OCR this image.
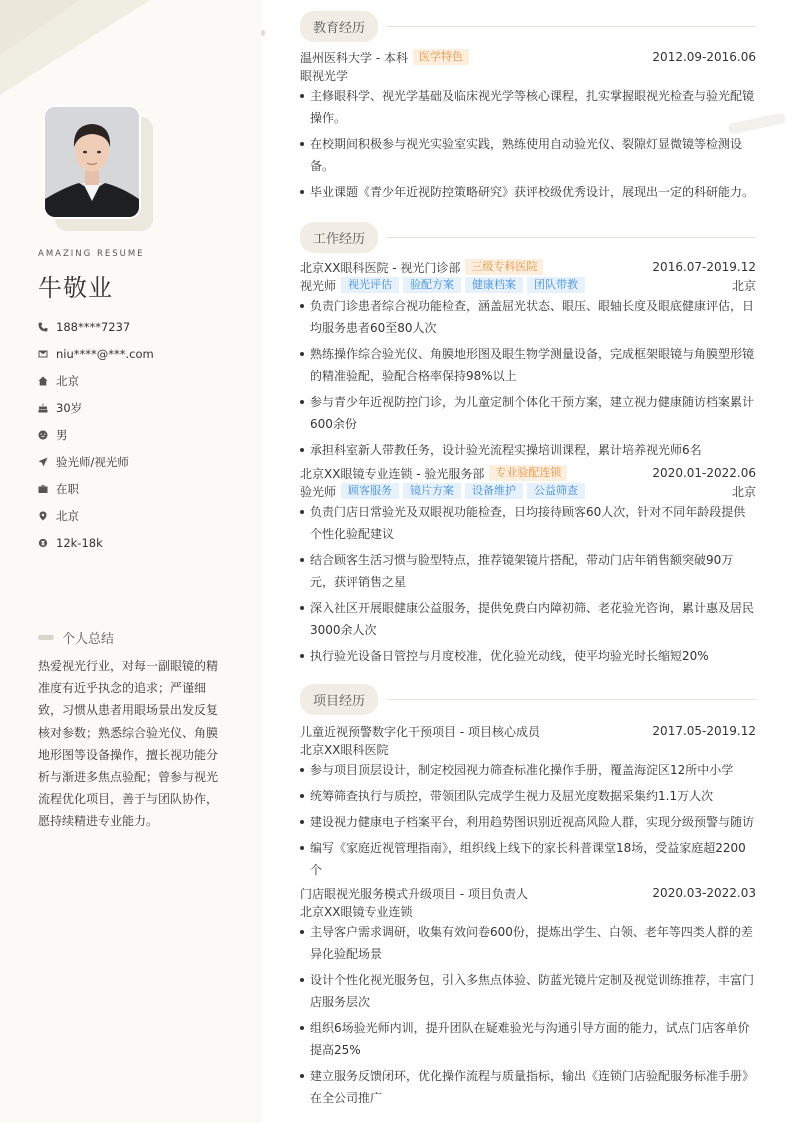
AMAZING RESUME
牛敬业
188****7237
niu****@***.com
北京
30岁
男
验光师/视光师
在职
北京
12k-18k
个人总结
热爱视光行业，对每一副眼镜的精准度有近乎执念的追求；严谨细致，习惯从患者用眼场景出发反复核对参数；熟悉综合验光仪、角膜地形图等设备操作，擅长视功能分析与渐进多焦点验配；曾参与视光流程优化项目，善于与团队协作，愿持续精进专业能力。
教育经历
温州医科大学 - 本科	医学特色	2012.09-2016.06
眼视光学
主修眼科学、视光学基础及临床视光学等核心课程，扎实掌握眼视光检查与验光配镜操作。
在校期间积极参与视光实验室实践，熟练使用自动验光仪、裂隙灯显微镜等检测设备。
毕业课题《青少年近视防控策略研究》获评校级优秀设计，展现出一定的科研能力。
工作经历
北京XX眼科医院 - 视光门诊部	三级专科医院	2016.07-2019.12
视光师	视光评估	验配方案	健康档案	团队带教	北京
负责门诊患者综合视功能检查，涵盖屈光状态、眼压、眼轴长度及眼底健康评估，日均服务患者60至80人次
熟练操作综合验光仪、角膜地形图及眼生物学测量设备，完成框架眼镜与角膜塑形镜的精准验配，验配合格率保持98%以上
参与青少年近视防控门诊，为儿童定制个体化干预方案，建立视力健康随访档案累计600余份
承担科室新人带教任务，设计验光流程实操培训课程，累计培养视光师6名
北京XX眼镜专业连锁 - 验光服务部	专业验配连锁	2020.01-2022.06
验光师	顾客服务	镜片方案	设备维护	公益筛查	北京
负责门店日常验光及双眼视功能检查，日均接待顾客60人次，针对不同年龄段提供个性化验配建议
结合顾客生活习惯与脸型特点，推荐镜架镜片搭配，带动门店年销售额突破90万元，获评销售之星
深入社区开展眼健康公益服务，提供免费白内障初筛、老花验光咨询，累计惠及居民3000余人次
执行验光设备日管控与月度校准，优化验光动线，使平均验光时长缩短20%
项目经历
儿童近视预警数字化干预项目 - 项目核心成员	2017.05-2019.12
北京XX眼科医院
参与项目顶层设计，制定校园视力筛查标准化操作手册，覆盖海淀区12所中小学
统筹筛查执行与质控，带领团队完成学生视力及屈光度数据采集约1.1万人次
建设视力健康电子档案平台，利用趋势图识别近视高风险人群，实现分级预警与随访
编写《家庭近视管理指南》，组织线上线下的家长科普课堂18场，受益家庭超2200个
门店眼视光服务模式升级项目 - 项目负责人	2020.03-2022.03
北京XX眼镜专业连锁
主导客户需求调研，收集有效问卷600份，提炼出学生、白领、老年等四类人群的差异化验配场景
设计个性化视光服务包，引入多焦点体验、防蓝光镜片定制及视觉训练推荐，丰富门店服务层次
组织6场验光师内训，提升团队在疑难验光与沟通引导方面的能力，试点门店客单价提高25%
建立服务反馈闭环，优化操作流程与质量指标，输出《连锁门店验配服务标准手册》在全公司推广
